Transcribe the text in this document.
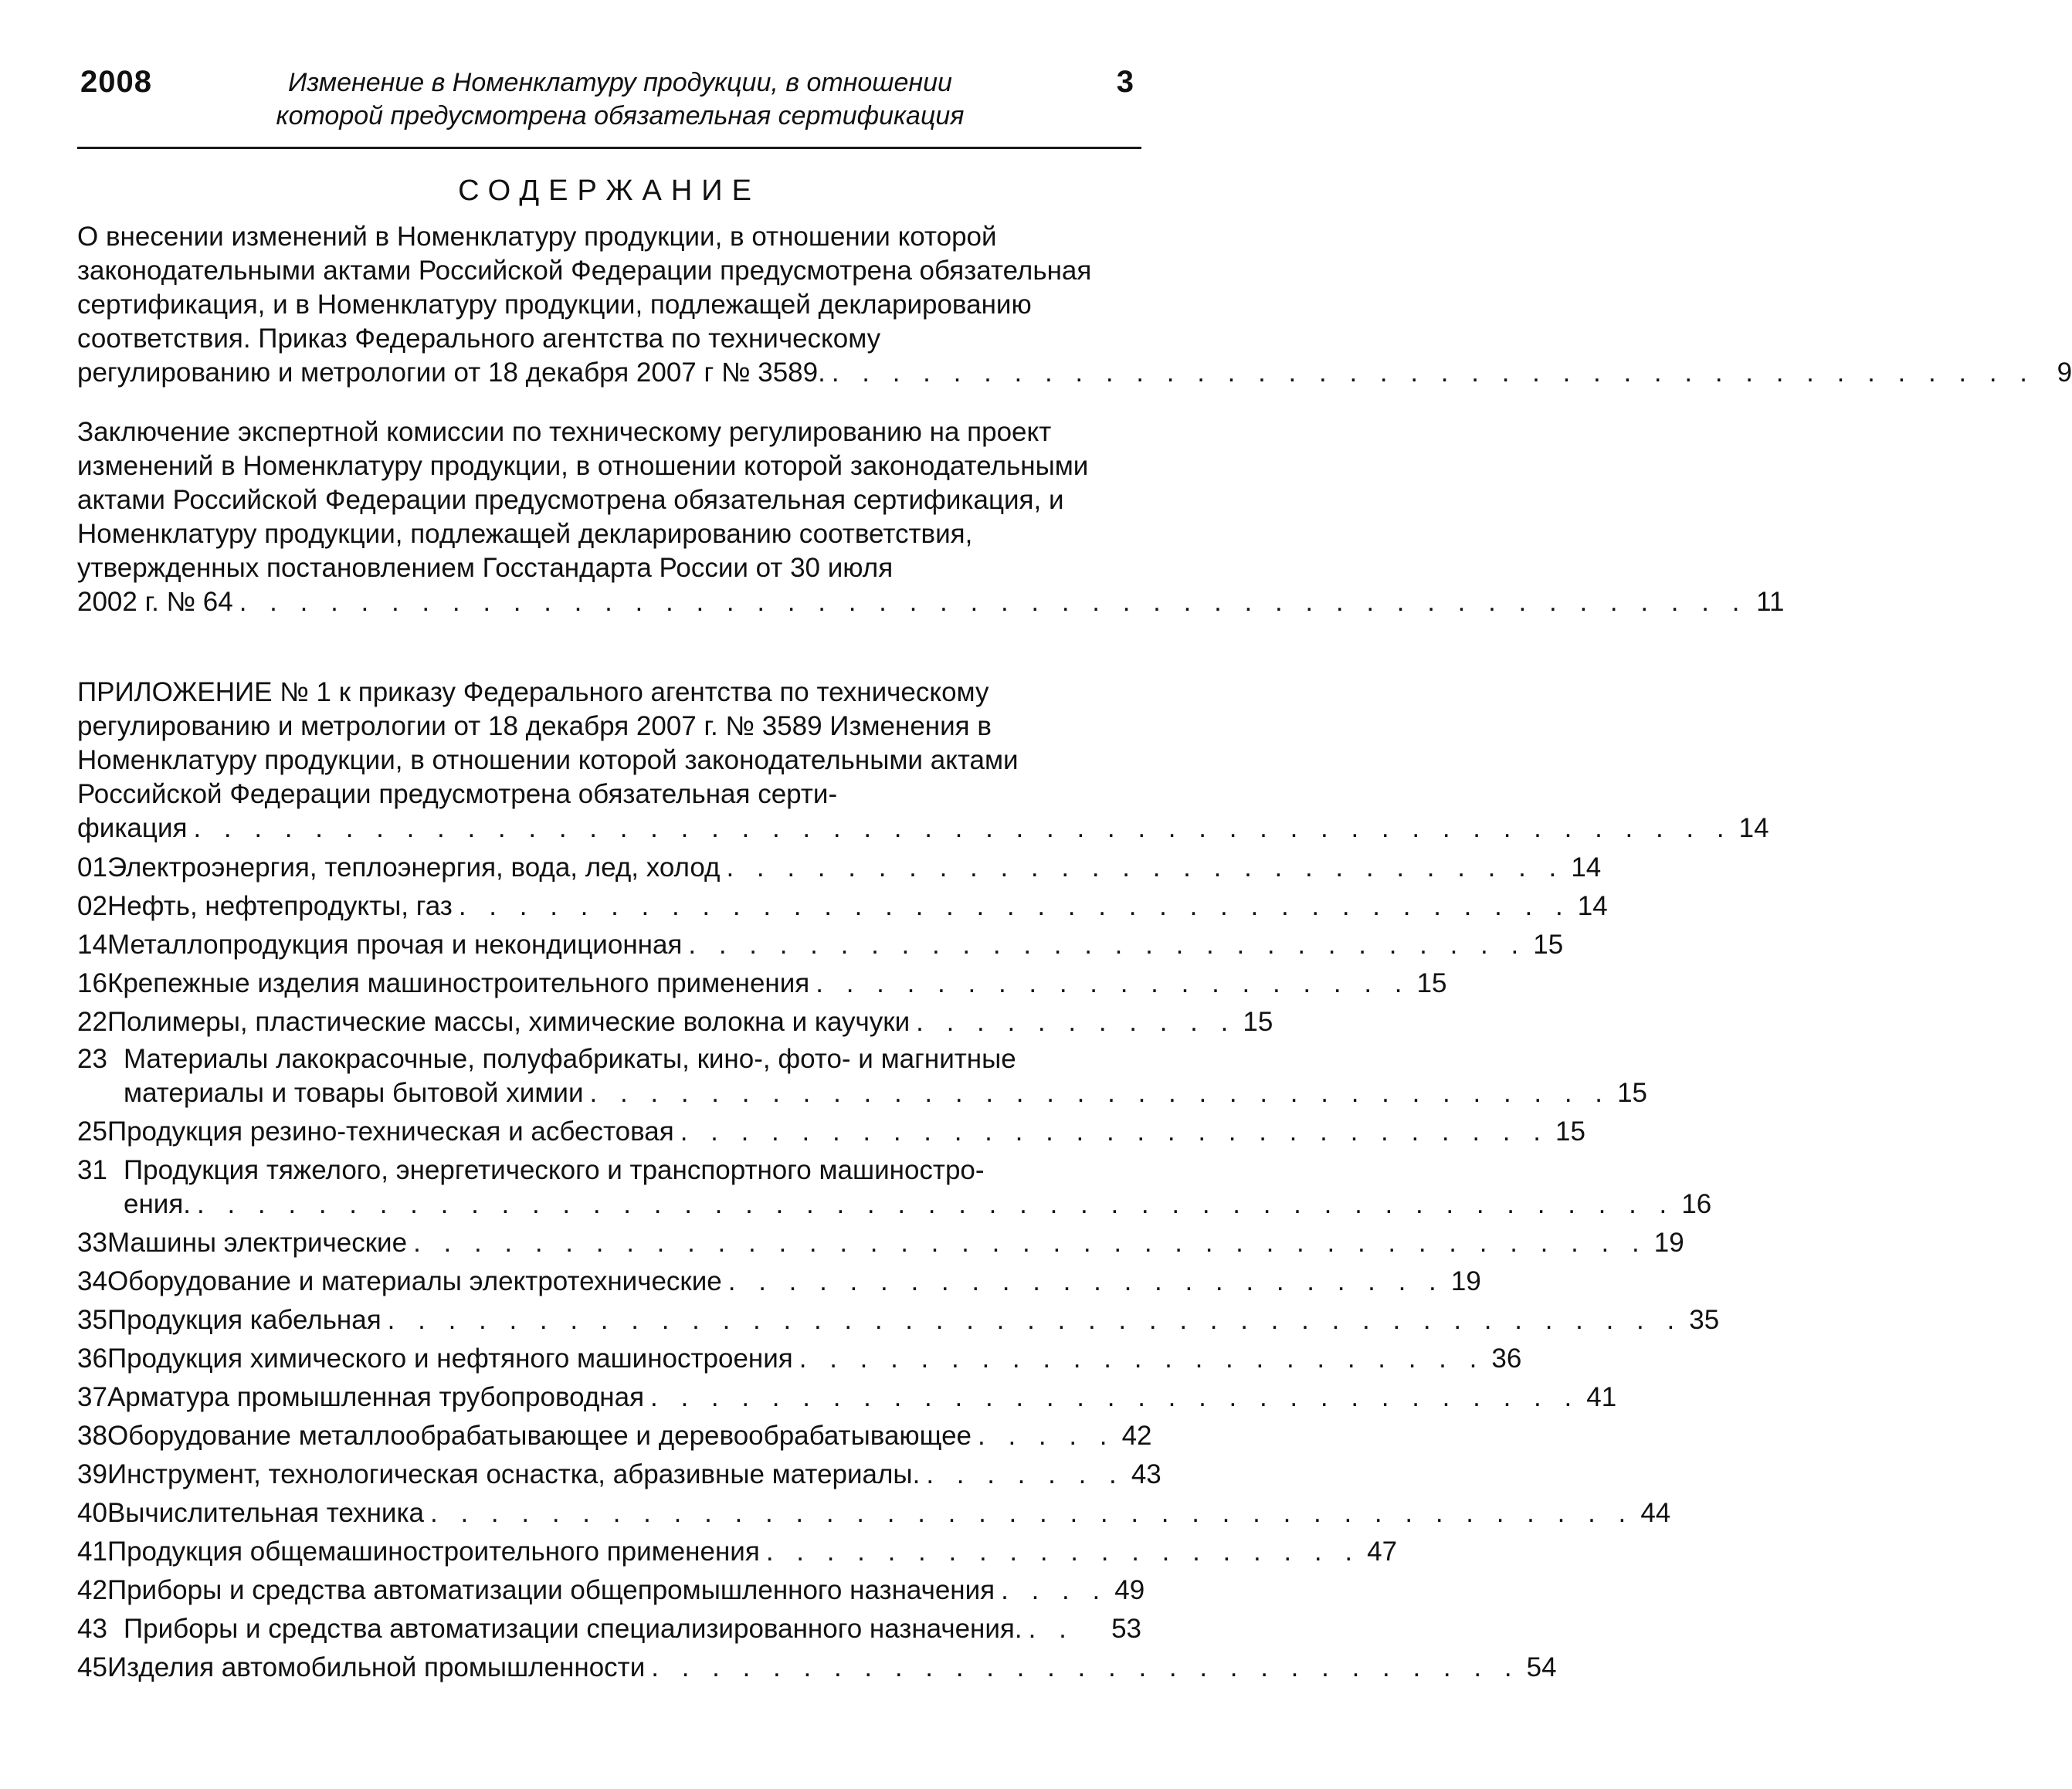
2008	Изменение в Номенклатуру продукции, в отношении
которой предусмотрена обязательная сертификация
3
СОДЕРЖАНИЕ
О внесении изменений в Номенклатуру продукции, в отношении которой законодательными актами Российской Федерации предусмотрена обязательная сертификация, и в Номенклатуру продукции, подлежащей декларированию соответствия. Приказ Федерального агентства по техническому
регулированию и метрологии от 18 декабря 2007 г № 3589. . . . . . . . . . . . . . . . . . . . . . . . . . . . . . . . . . . . . . . . . 9
Заключение экспертной комиссии по техническому регулированию на проект изменений в Номенклатуру продукции, в отношении которой законодательными актами Российской Федерации предусмотрена обязательная сертификация, и Номенклатуру продукции, подлежащей декларированию соответствия, утвержденных постановлением Госстандарта России от 30 июля
2002 г. № 64 . . . . . . . . . . . . . . . . . . . . . . . . . . . . . . . . . . . . . . . . . . . . . . . . . . 11
ПРИЛОЖЕНИЕ № 1 к приказу Федерального агентства по техническому регулированию и метрологии от 18 декабря 2007 г. № 3589 Изменения в Номенклатуру продукции, в отношении которой законодательными актами Российской Федерации предусмотрена обязательная серти-
фикация . . . . . . . . . . . . . . . . . . . . . . . . . . . . . . . . . . . . . . . . . . . . . . . . . . . 14
01 Электроэнергия, теплоэнергия, вода, лед, холод . . . . . . . . . . . . . . . . . . . . . . . . . . . . 14
02 Нефть, нефтепродукты, газ . . . . . . . . . . . . . . . . . . . . . . . . . . . . . . . . . . . . . 14
14 Металлопродукция прочая и некондиционная . . . . . . . . . . . . . . . . . . . . . . . . . . . . 15
16 Крепежные изделия машиностроительного применения . . . . . . . . . . . . . . . . . . . . 15
22 Полимеры, пластические массы, химические волокна и каучуки . . . . . . . . . . . 15
23 Материалы лакокрасочные, полуфабрикаты, кино-, фото- и магнитные
материалы и товары бытовой химии . . . . . . . . . . . . . . . . . . . . . . . . . . . . . . . . . . 15
25 Продукция резино-техническая и асбестовая . . . . . . . . . . . . . . . . . . . . . . . . . . . . . 15
31 Продукция тяжелого, энергетического и транспортного машиностро-
ения. . . . . . . . . . . . . . . . . . . . . . . . . . . . . . . . . . . . . . . . . . . . . . . . . . 16
33 Машины электрические . . . . . . . . . . . . . . . . . . . . . . . . . . . . . . . . . . . . . . . . . 19
34 Оборудование и материалы электротехнические . . . . . . . . . . . . . . . . . . . . . . . . 19
35 Продукция кабельная . . . . . . . . . . . . . . . . . . . . . . . . . . . . . . . . . . . . . . . . . . . 35
36 Продукция химического и нефтяного машиностроения . . . . . . . . . . . . . . . . . . . . . . . 36
37 Арматура промышленная трубопроводная . . . . . . . . . . . . . . . . . . . . . . . . . . . . . . . 41
38 Оборудование металлообрабатывающее и деревообрабатывающее . . . . . 42
39 Инструмент, технологическая оснастка, абразивные материалы. . . . . . . . 43
40 Вычислительная техника . . . . . . . . . . . . . . . . . . . . . . . . . . . . . . . . . . . . . . . . 44
41 Продукция общемашиностроительного применения . . . . . . . . . . . . . . . . . . . . 47
42 Приборы и средства автоматизации общепромышленного назначения . . . . 49
43 Приборы и средства автоматизации специализированного назначения. . .	53
45 Изделия автомобильной промышленности . . . . . . . . . . . . . . . . . . . . . . . . . . . . . 54
